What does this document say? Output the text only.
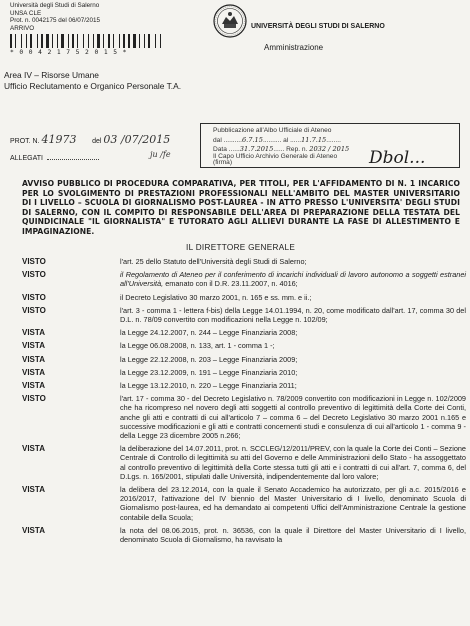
Università degli Studi di Salerno
UNSA CLE
Prot. n. 0042175 del 06/07/2015
ARRIVO
* 0 0 4 2 1 7 5 2 0 1 5 *
UNIVERSITÀ DEGLI STUDI DI SALERNO
Amministrazione
Area IV – Risorse Umane
Ufficio Reclutamento e Organico Personale T.A.
PROT. N. 41973 del 03 /07/2015
ALLEGATI	ju /fe
Pubblicazione all'Albo Ufficiale di Ateneo
dal ..........6.7.15.......... al ......11.7.15........
Data ......31.7.2015...... Rep. n. 2032 / 2015
Il Capo Ufficio Archivio Generale di Ateneo
(firma)	Dbol...
AVVISO PUBBLICO DI PROCEDURA COMPARATIVA, PER TITOLI, PER L'AFFIDAMENTO DI N. 1 INCARICO PER LO SVOLGIMENTO DI PRESTAZIONI PROFESSIONALI NELL'AMBITO DEL MASTER UNIVERSITARIO DI I LIVELLO – SCUOLA DI GIORNALISMO POST-LAUREA - IN ATTO PRESSO L'UNIVERSITA' DEGLI STUDI DI SALERNO, CON IL COMPITO DI RESPONSABILE DELL'AREA DI PREPARAZIONE DELLA TESTATA DEL QUINDICINALE "IL GIORNALISTA" E TUTORATO AGLI ALLIEVI DURANTE LA FASE DI ALLESTIMENTO E IMPAGINAZIONE.
IL DIRETTORE GENERALE
VISTO	l'art. 25 dello Statuto dell'Università degli Studi di Salerno;
VISTO	il Regolamento di Ateneo per il conferimento di incarichi individuali di lavoro autonomo a soggetti estranei all'Università, emanato con il D.R. 23.11.2007, n. 4016;
VISTO	il Decreto Legislativo 30 marzo 2001, n. 165 e ss. mm. e ii.;
VISTO	l'art. 3 - comma 1 - lettera f-bis) della Legge 14.01.1994, n. 20, come modificato dall'art. 17, comma 30 del D.L. n. 78/09 convertito con modificazioni nella Legge n. 102/09;
VISTA	la Legge 24.12.2007, n. 244 – Legge Finanziaria 2008;
VISTA	la Legge 06.08.2008, n. 133, art. 1 - comma 1 -;
VISTA	la Legge 22.12.2008, n. 203 – Legge Finanziaria 2009;
VISTA	la Legge 23.12.2009, n. 191 – Legge Finanziaria 2010;
VISTA	la Legge 13.12.2010, n. 220 – Legge Finanziaria 2011;
VISTO	l'art. 17 - comma 30 - del Decreto Legislativo n. 78/2009 convertito con modificazioni in Legge n. 102/2009 che ha ricompreso nel novero degli atti soggetti al controllo preventivo di legittimità della Corte dei Conti, anche gli atti e contratti di cui all'articolo 7 – comma 6 – del Decreto Legislativo 30 marzo 2001 n.165 e successive modificazioni e gli atti e contratti concernenti studi e consulenza di cui all'articolo 1 - comma 9 - della Legge 23 dicembre 2005 n.266;
VISTA	la deliberazione del 14.07.2011, prot. n. SCCLEG/12/2011/PREV, con la quale la Corte dei Conti – Sezione Centrale di Controllo di legittimità su atti del Governo e delle Amministrazioni dello Stato - ha assoggettato al controllo preventivo di legittimità della Corte stessa tutti gli atti e i contratti di cui all'art. 7, comma 6, del D.Lgs. n. 165/2001, stipulati dalle Università, indipendentemente dal loro valore;
VISTA	la delibera del 23.12.2014, con la quale il Senato Accademico ha autorizzato, per gli a.c. 2015/2016 e 2016/2017, l'attivazione del IV biennio del Master Universitario di I livello, denominato Scuola di Giornalismo post-laurea, ed ha demandato ai competenti Uffici dell'Amministrazione Centrale la gestione contabile della Scuola;
VISTA	la nota del 08.06.2015, prot. n. 36536, con la quale il Direttore del Master Universitario di I livello, denominato Scuola di Giornalismo, ha ravvisato la
